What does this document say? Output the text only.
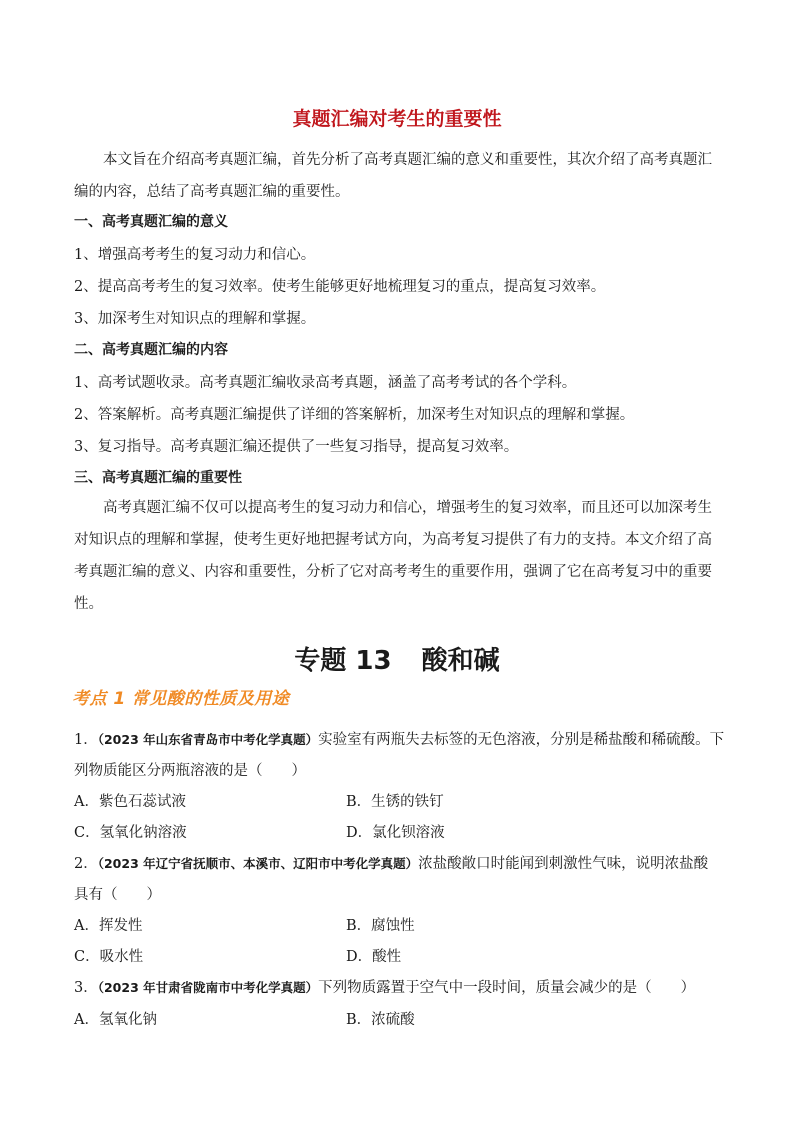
真题汇编对考生的重要性
本文旨在介绍高考真题汇编，首先分析了高考真题汇编的意义和重要性，其次介绍了高考真题汇编的内容，总结了高考真题汇编的重要性。
一、高考真题汇编的意义
1、增强高考考生的复习动力和信心。
2、提高高考考生的复习效率。使考生能够更好地梳理复习的重点，提高复习效率。
3、加深考生对知识点的理解和掌握。
二、高考真题汇编的内容
1、高考试题收录。高考真题汇编收录高考真题，涵盖了高考考试的各个学科。
2、答案解析。高考真题汇编提供了详细的答案解析，加深考生对知识点的理解和掌握。
3、复习指导。高考真题汇编还提供了一些复习指导，提高复习效率。
三、高考真题汇编的重要性
高考真题汇编不仅可以提高考生的复习动力和信心，增强考生的复习效率，而且还可以加深考生对知识点的理解和掌握，使考生更好地把握考试方向，为高考复习提供了有力的支持。本文介绍了高考真题汇编的意义、内容和重要性，分析了它对高考考生的重要作用，强调了它在高考复习中的重要性。
专题 13 酸和碱
考点 1 常见酸的性质及用途
1．（2023 年山东省青岛市中考化学真题）实验室有两瓶失去标签的无色溶液，分别是稀盐酸和稀硫酸。下
列物质能区分两瓶溶液的是（　　）
A．紫色石蕊试液	B．生锈的铁钉
C．氢氧化钠溶液	D．氯化钡溶液
2．（2023 年辽宁省抚顺市、本溪市、辽阳市中考化学真题）浓盐酸敞口时能闻到刺激性气味，说明浓盐酸
具有（　　）
A．挥发性	B．腐蚀性
C．吸水性	D．酸性
3．（2023 年甘肃省陇南市中考化学真题）下列物质露置于空气中一段时间，质量会减少的是（　　）
A．氢氧化钠	B．浓硫酸
